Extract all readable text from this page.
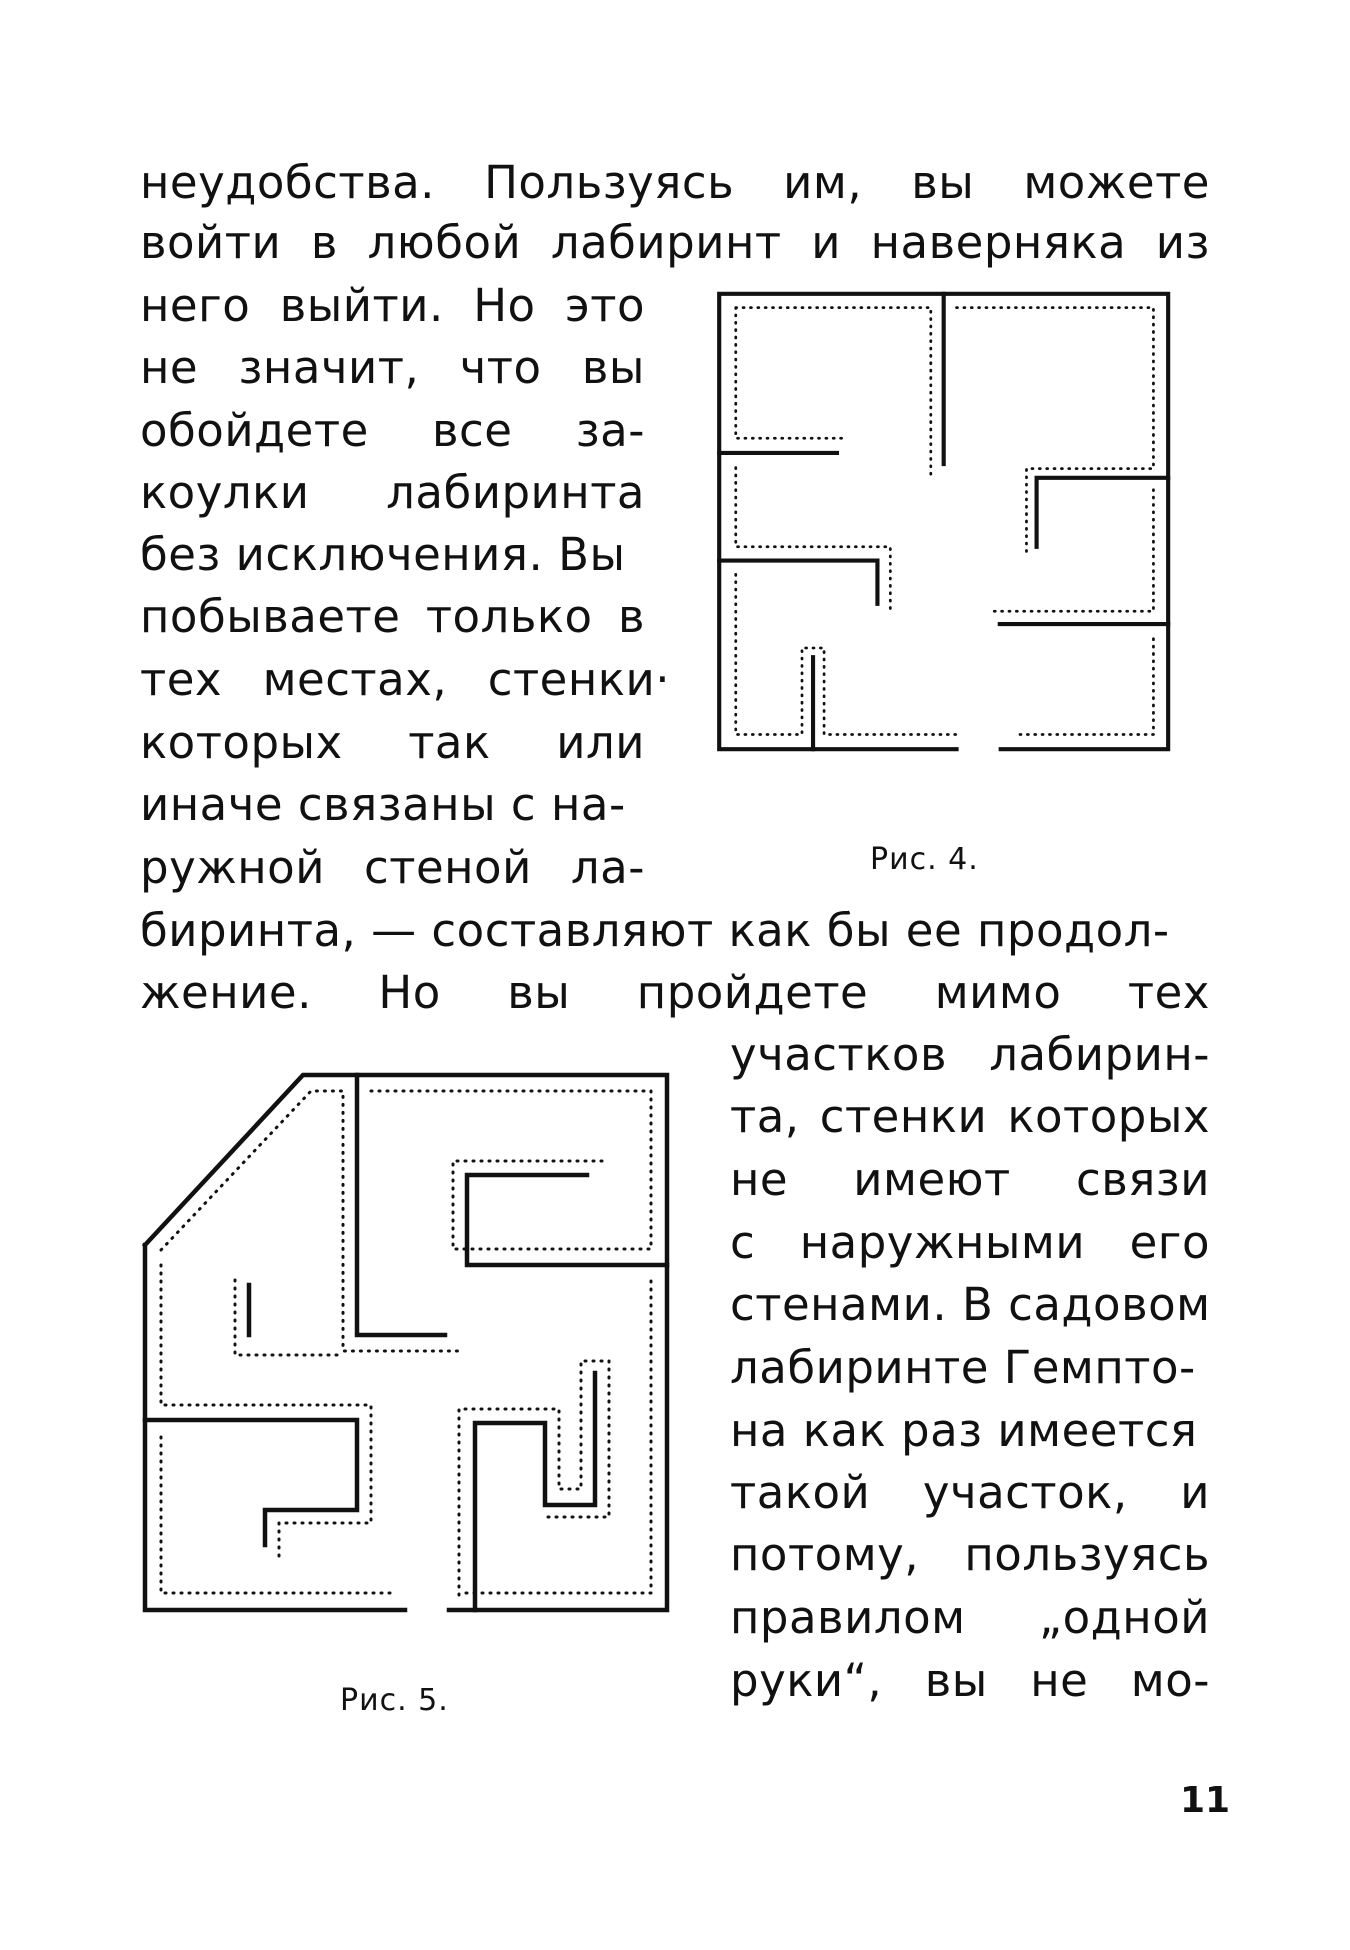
неудобства. Пользуясь им, вы можете
войти в любой лабиринт и наверняка из
него выйти. Но это
не значит, что вы
обойдете все за-
коулки лабиринта
без исключения. Вы
побываете только в
тех местах, стенки·
которых так или
иначе связаны с на-
ружной стеной ла-
биринта, — составляют как бы ее продол-
жение. Но вы пройдете мимо тех
участков лабирин-
та, стенки которых
не имеют связи
с наружными его
стенами. В садовом
лабиринте Гемпто-
на как раз имеется
такой участок, и
потому, пользуясь
правилом „одной
руки“, вы не мо-
Рис. 4.
Рис. 5.
11
